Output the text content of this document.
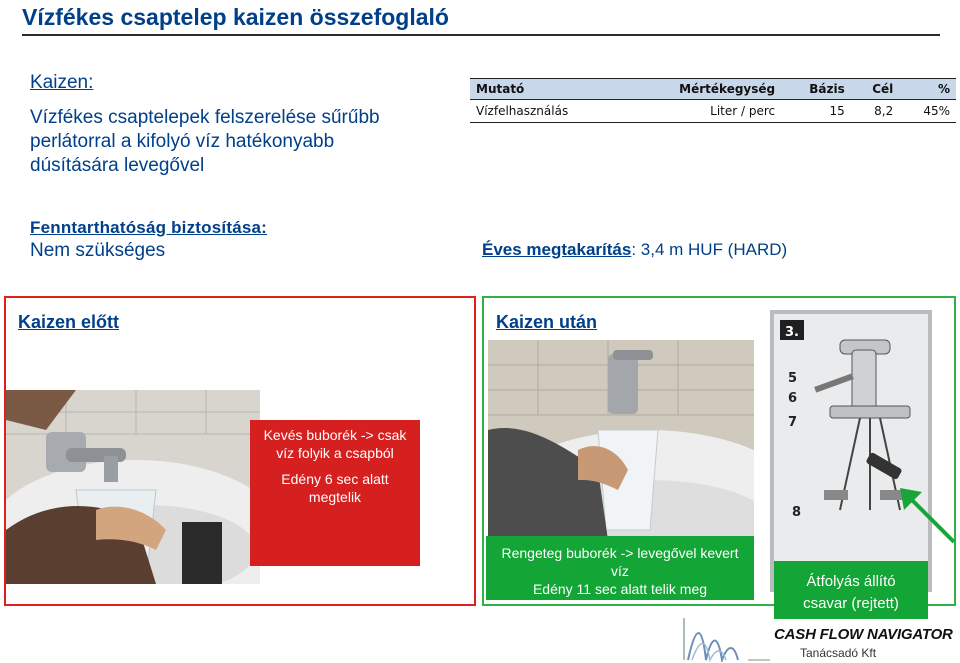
Vízfékes csaptelep kaizen összefoglaló
Kaizen:
Vízfékes csaptelepek felszerelése sűrűbb
perlátorral a kifolyó víz hatékonyabb
dúsítására levegővel
Fenntarthatóság biztosítása:
Nem szükséges
Mutató	Mértékegység	Bázis	Cél	%
Vízfelhasználás	Liter / perc	15	8,2	45%
Éves megtakarítás: 3,4 m HUF (HARD)
Kaizen előtt
Kevés buborék -> csak víz folyik a csapból
Edény 6 sec alatt megtelik
Kaizen után
3.
5
6
7
8
Rengeteg buborék -> levegővel kevert víz
Edény 11 sec alatt telik meg	Átfolyás állító csavar (rejtett)
CASH FLOW NAVIGATOR
Tanácsadó Kft
